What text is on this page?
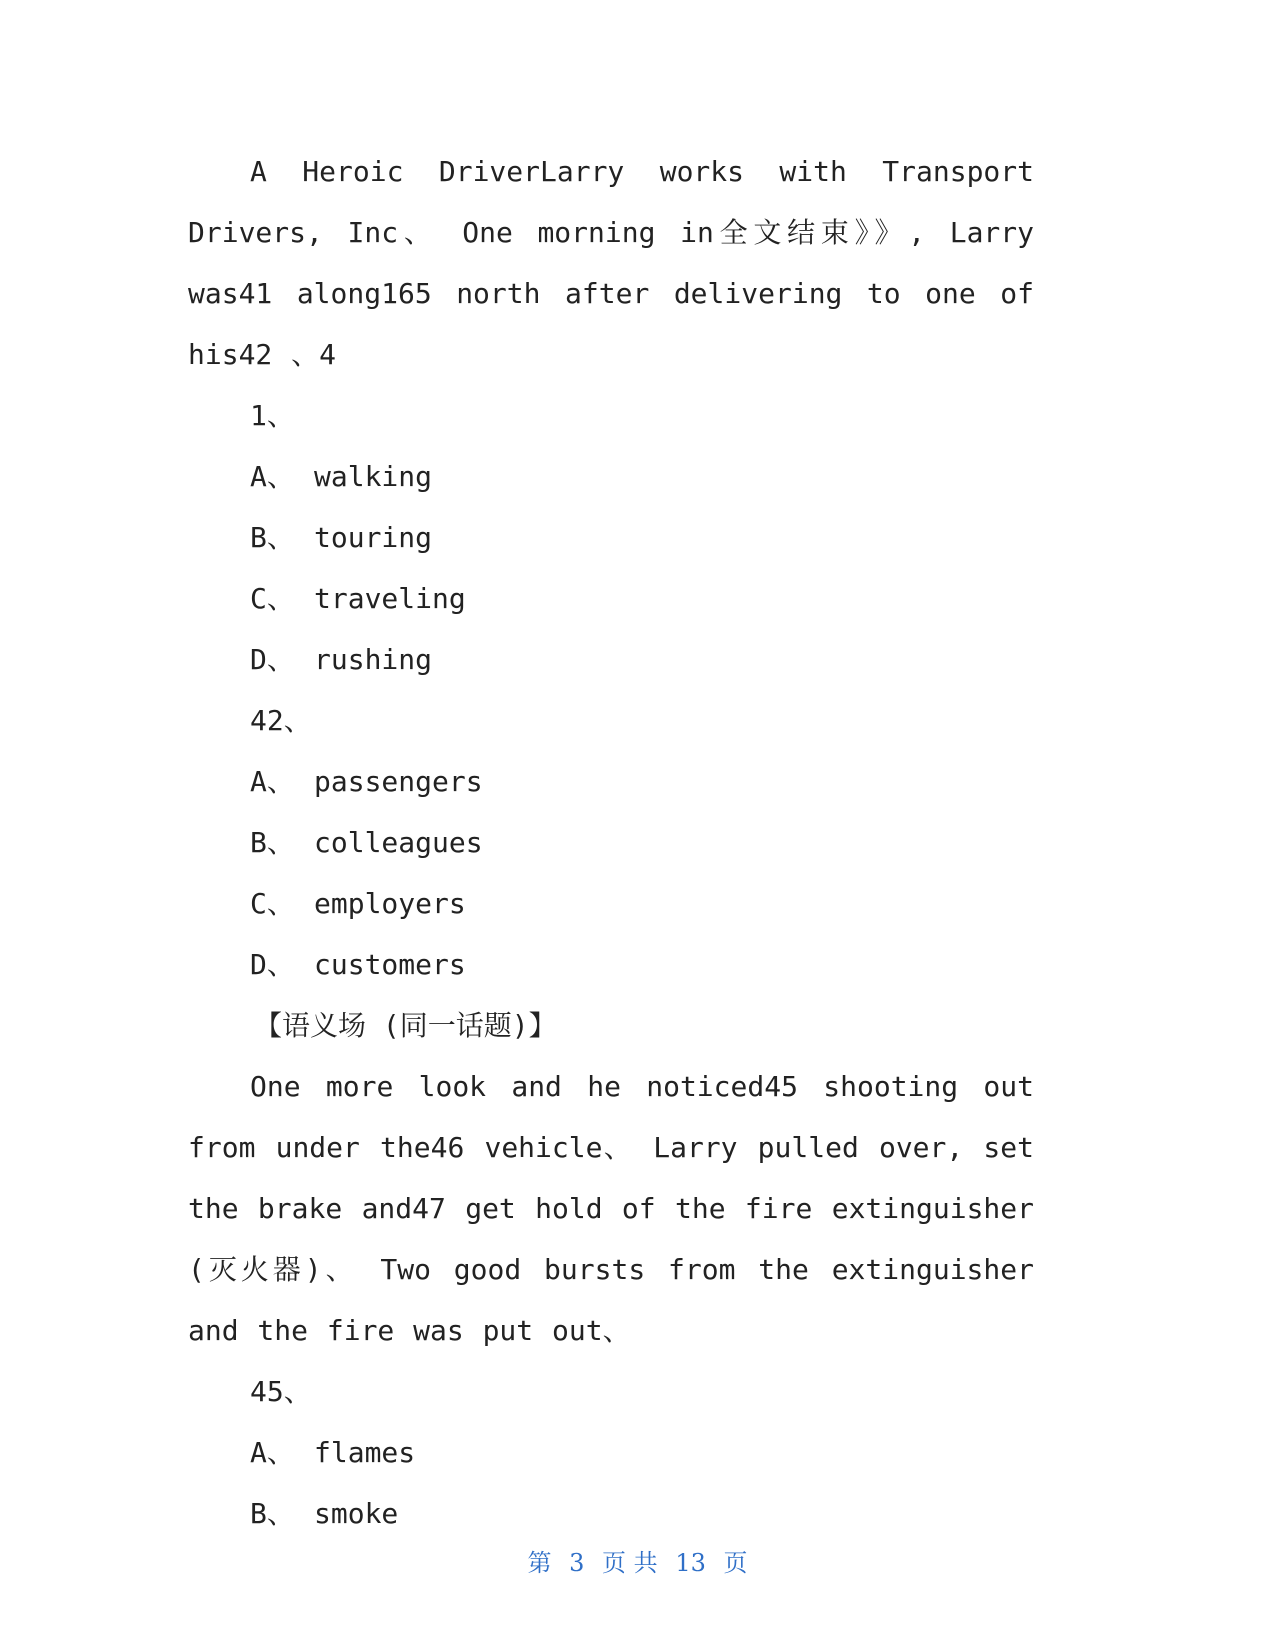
A Heroic DriverLarry works with Transport Drivers, Inc、 One morning in全文结束》》, Larry was41 along165 north after delivering to one of his42 、4

1、

A、 walking

B、 touring

C、 traveling

D、 rushing

42、

A、 passengers

B、 colleagues

C、 employers

D、 customers

【语义场 (同一话题)】

One more look and he noticed45 shooting out from under the46 vehicle、 Larry pulled over, set the brake and47 get hold of the fire extinguisher (灭火器)、 Two good bursts from the extinguisher and the fire was put out、

45、

A、 flames

B、 smoke

第 3 页 共 13 页
